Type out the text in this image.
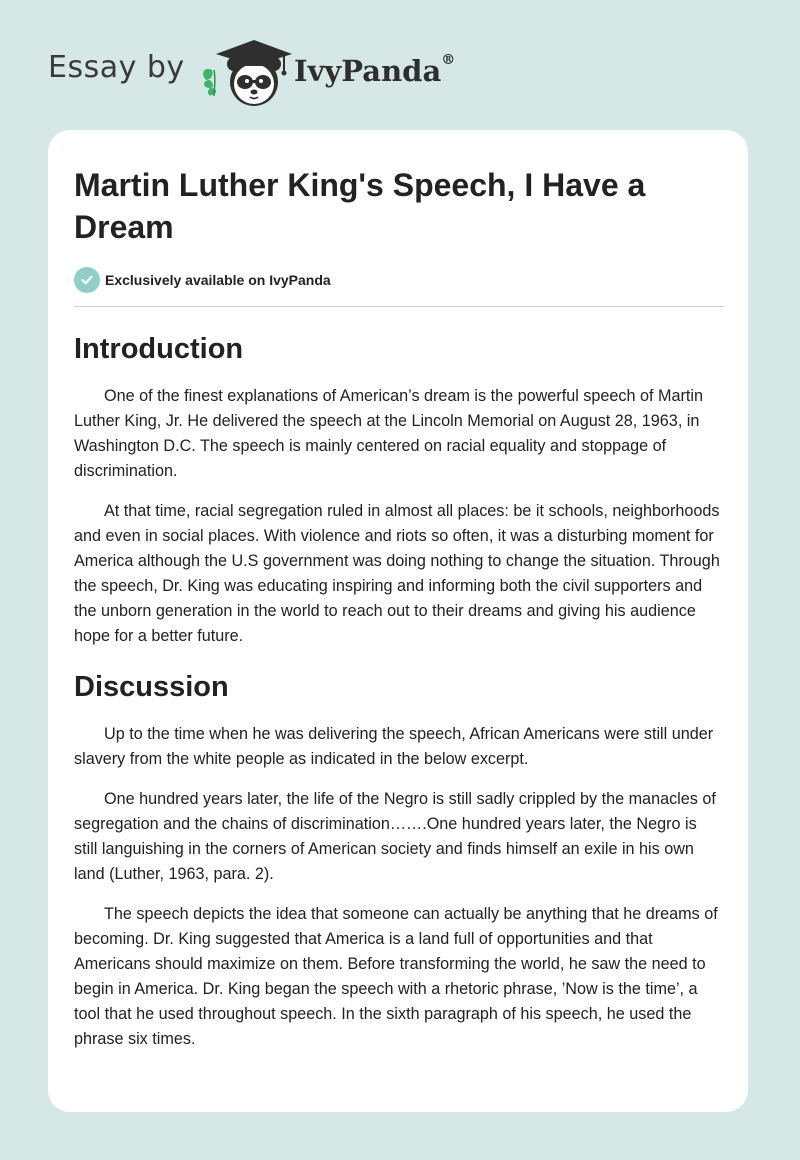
Essay by	IvyPanda®
Martin Luther King's Speech, I Have a Dream
Exclusively available on IvyPanda
Introduction

One of the finest explanations of American’s dream is the powerful speech of Martin Luther King, Jr. He delivered the speech at the Lincoln Memorial on August 28, 1963, in Washington D.C. The speech is mainly centered on racial equality and stoppage of discrimination.

At that time, racial segregation ruled in almost all places: be it schools, neighborhoods and even in social places. With violence and riots so often, it was a disturbing moment for America although the U.S government was doing nothing to change the situation. Through the speech, Dr. King was educating inspiring and informing both the civil supporters and the unborn generation in the world to reach out to their dreams and giving his audience hope for a better future.

Discussion

Up to the time when he was delivering the speech, African Americans were still under slavery from the white people as indicated in the below excerpt.

One hundred years later, the life of the Negro is still sadly crippled by the manacles of segregation and the chains of discrimination…….One hundred years later, the Negro is still languishing in the corners of American society and finds himself an exile in his own land (Luther, 1963, para. 2).

The speech depicts the idea that someone can actually be anything that he dreams of becoming. Dr. King suggested that America is a land full of opportunities and that Americans should maximize on them. Before transforming the world, he saw the need to begin in America. Dr. King began the speech with a rhetoric phrase, ’Now is the time’, a tool that he used throughout speech. In the sixth paragraph of his speech, he used the phrase six times.
